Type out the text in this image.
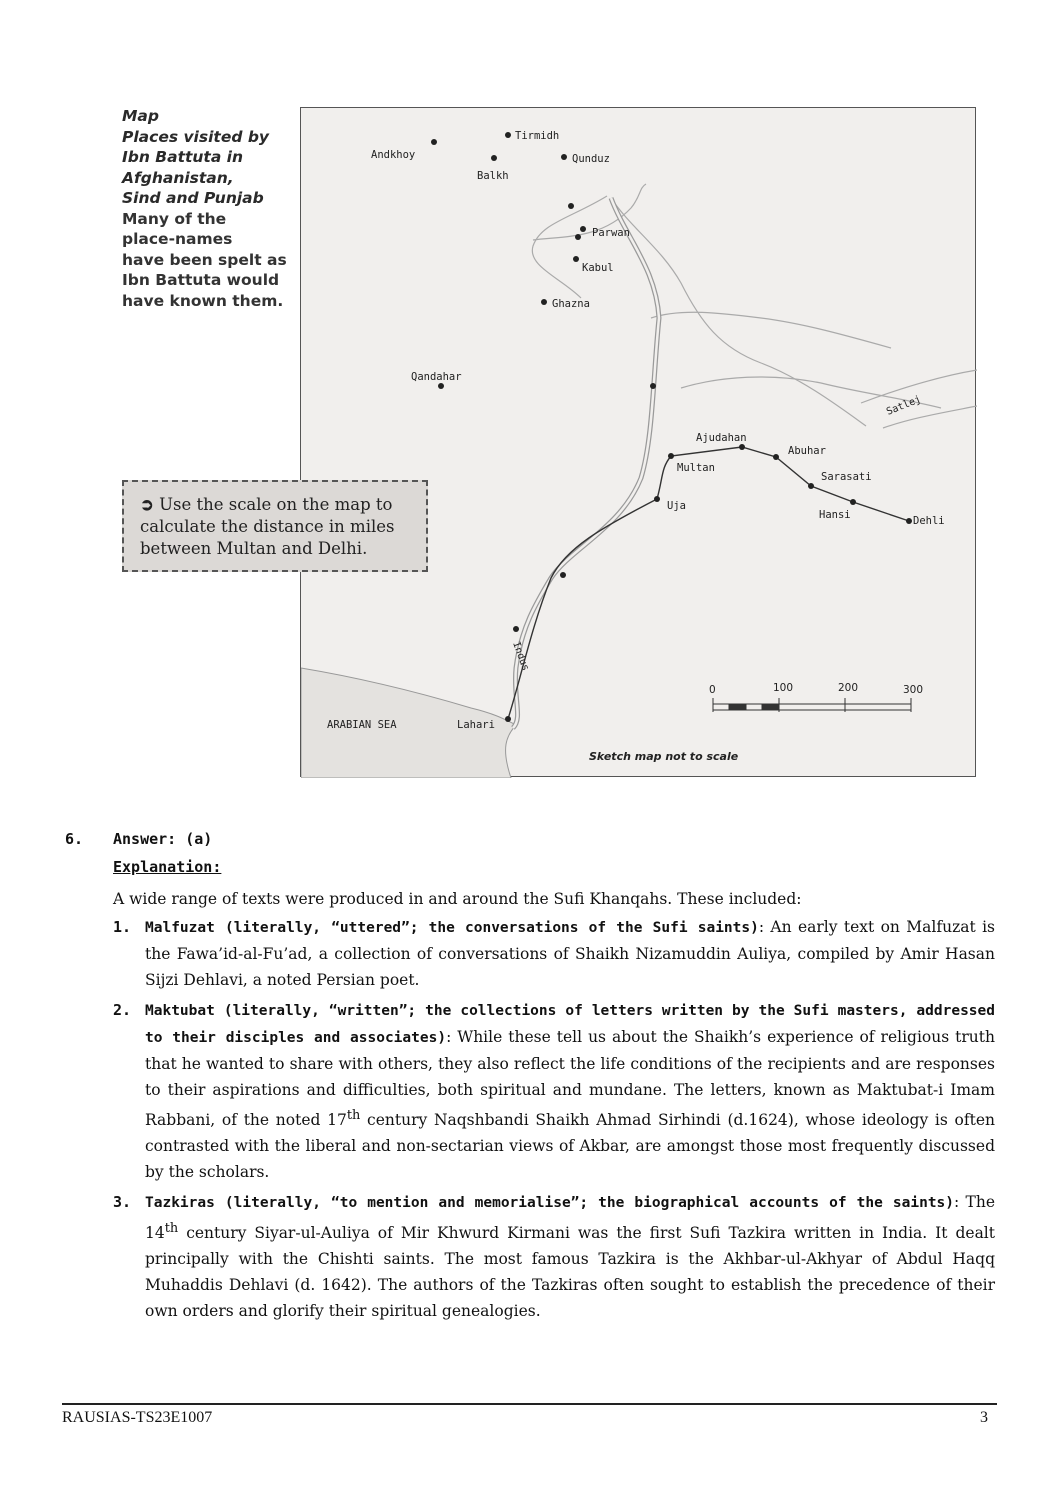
Map
Places visited by
Ibn Battuta in
Afghanistan,
Sind and Punjab
Many of the
place-names
have been spelt as
Ibn Battuta would
have known them.
Andkhoy
Tirmidh
Balkh
Qunduz
Parwan
Kabul
Ghazna
Qandahar
Multan
Ajudahan
Abuhar
Sarasati
Hansi	Dehli
Uja
Lahari
Indus
Satlej
ARABIAN SEA
0	100	200	300
Sketch map not to scale
➲ Use the scale on the map to calculate the distance in miles between Multan and Delhi.
6. Answer: (a)
Explanation:
A wide range of texts were produced in and around the Sufi Khanqahs. These included:
1. Malfuzat (literally, “uttered”; the conversations of the Sufi saints): An early text on Malfuzat is the Fawa’id-al-Fu’ad, a collection of conversations of Shaikh Nizamuddin Auliya, compiled by Amir Hasan Sijzi Dehlavi, a noted Persian poet.
2. Maktubat (literally, “written”; the collections of letters written by the Sufi masters, addressed to their disciples and associates): While these tell us about the Shaikh’s experience of religious truth that he wanted to share with others, they also reflect the life conditions of the recipients and are responses to their aspirations and difficulties, both spiritual and mundane. The letters, known as Maktubat-i Imam Rabbani, of the noted 17th century Naqshbandi Shaikh Ahmad Sirhindi (d.1624), whose ideology is often contrasted with the liberal and non-sectarian views of Akbar, are amongst those most frequently discussed by the scholars.
3. Tazkiras (literally, “to mention and memorialise”; the biographical accounts of the saints): The 14th century Siyar-ul-Auliya of Mir Khwurd Kirmani was the first Sufi Tazkira written in India. It dealt principally with the Chishti saints. The most famous Tazkira is the Akhbar-ul-Akhyar of Abdul Haqq Muhaddis Dehlavi (d. 1642). The authors of the Tazkiras often sought to establish the precedence of their own orders and glorify their spiritual genealogies.
RAUSIAS-TS23E1007	3
